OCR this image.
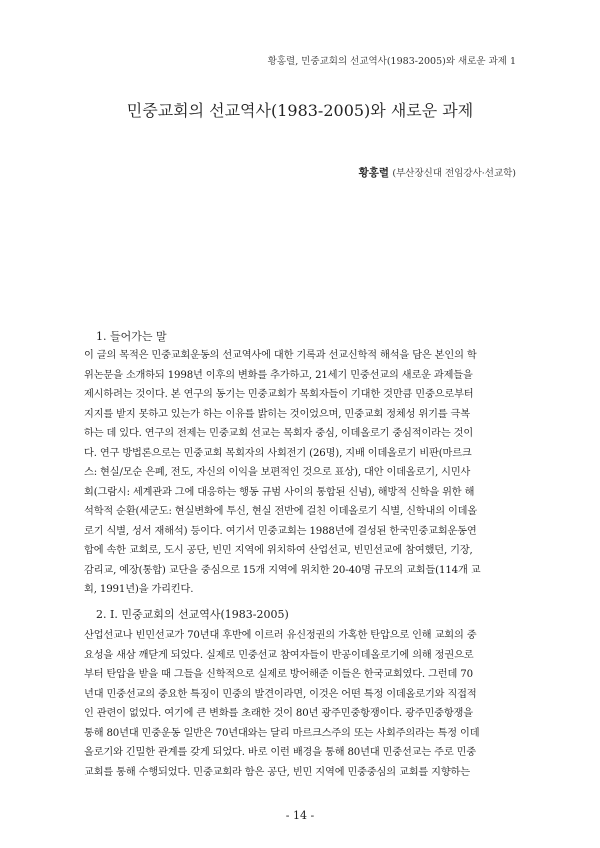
황홍렬, 민중교회의 선교역사(1983-2005)와 새로운 과제 1
민중교회의 선교역사(1983-2005)와 새로운 과제
황홍렬 (부산장신대 전임강사·선교학)
1. 들어가는 말
이 글의 목적은 민중교회운동의 선교역사에 대한 기록과 선교신학적 해석을 담은 본인의 학
위논문을 소개하되 1998년 이후의 변화를 추가하고, 21세기 민중선교의 새로운 과제들을
제시하려는 것이다. 본 연구의 동기는 민중교회가 목회자들이 기대한 것만큼 민중으로부터
지지를 받지 못하고 있는가 하는 이유를 밝히는 것이었으며, 민중교회 정체성 위기를 극복
하는 데 있다. 연구의 전제는 민중교회 선교는 목회자 중심, 이데올로기 중심적이라는 것이
다. 연구 방법론으로는 민중교회 목회자의 사회전기 (26명), 지배 이데올로기 비판(마르크
스: 현실/모순 은폐, 전도, 자신의 이익을 보편적인 것으로 표상), 대안 이데올로기, 시민사
회(그람시: 세계관과 그에 대응하는 행동 규범 사이의 통합된 신념), 해방적 신학을 위한 해
석학적 순환(세군도: 현실변화에 투신, 현실 전반에 걸친 이데올로기 식별, 신학내의 이데올
로기 식별, 성서 재해석) 등이다. 여기서 민중교회는 1988년에 결성된 한국민중교회운동연
합에 속한 교회로, 도시 공단, 빈민 지역에 위치하여 산업선교, 빈민선교에 참여했던, 기장,
감리교, 예장(통합) 교단을 중심으로 15개 지역에 위치한 20-40명 규모의 교회들(114개 교
회, 1991년)을 가리킨다.
2. I. 민중교회의 선교역사(1983-2005)
산업선교나 빈민선교가 70년대 후반에 이르러 유신정권의 가혹한 탄압으로 인해 교회의 중
요성을 새삼 깨닫게 되었다. 실제로 민중선교 참여자들이 반공이데올로기에 의해 정권으로
부터 탄압을 받을 때 그들을 신학적으로 실제로 방어해준 이들은 한국교회였다. 그런데 70
년대 민중선교의 중요한 특징이 민중의 발견이라면, 이것은 어떤 특정 이데올로기와 직접적
인 관련이 없었다. 여기에 큰 변화를 초래한 것이 80년 광주민중항쟁이다. 광주민중항쟁을
통해 80년대 민중운동 일반은 70년대와는 달리 마르크스주의 또는 사회주의라는 특정 이데
올로기와 긴밀한 관계를 갖게 되었다. 바로 이런 배경을 통해 80년대 민중선교는 주로 민중
교회를 통해 수행되었다. 민중교회라 함은 공단, 빈민 지역에 민중중심의 교회를 지향하는
- 14 -
